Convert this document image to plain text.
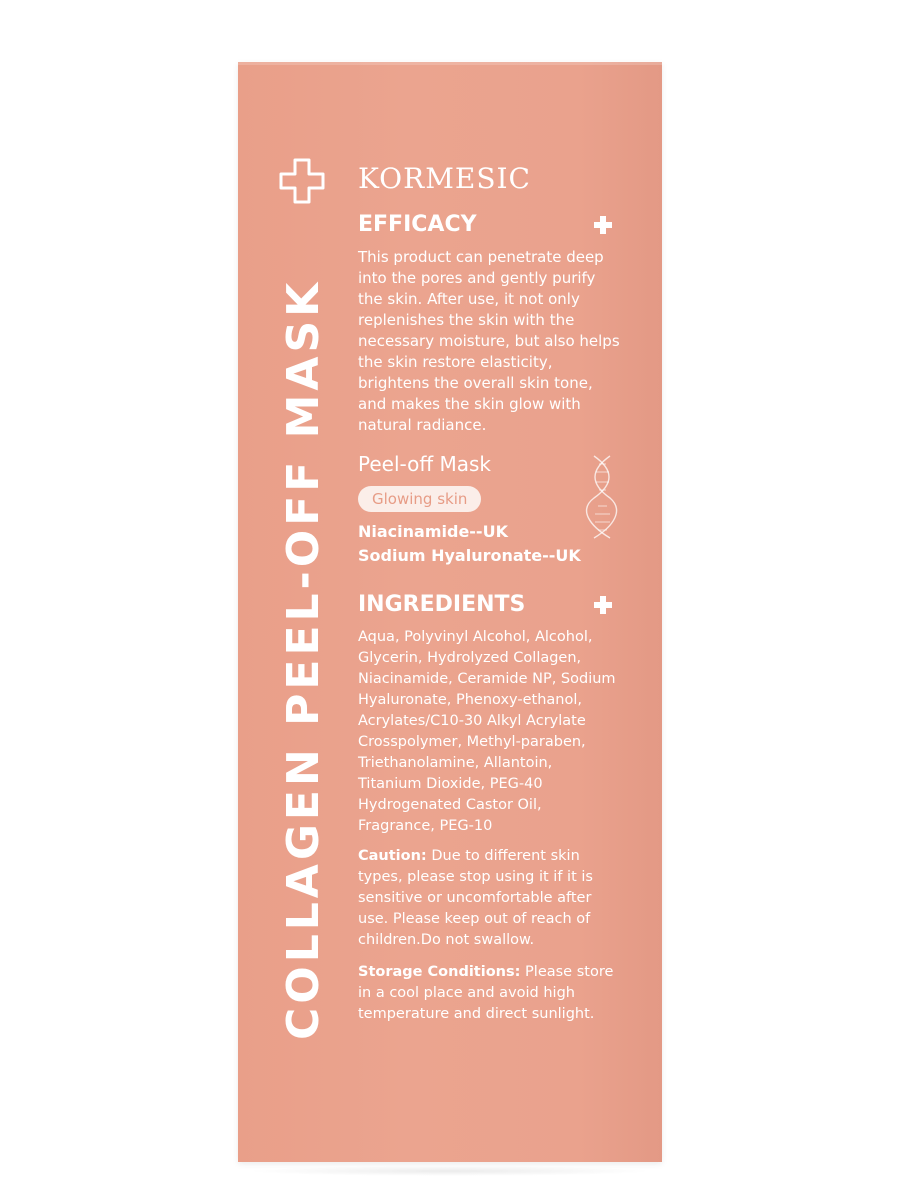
COLLAGEN PEEL-OFF MASK
KORMESIC
EFFICACY

This product can penetrate deep into the pores and gently purify the skin. After use, it not only replenishes the skin with the necessary moisture, but also helps the skin restore elasticity, brightens the overall skin tone, and makes the skin glow with natural radiance.

Peel-off Mask
Glowing skin
Niacinamide--UK
Sodium Hyaluronate--UK
INGREDIENTS

Aqua, Polyvinyl Alcohol, Alcohol, Glycerin, Hydrolyzed Collagen, Niacinamide, Ceramide NP, Sodium Hyaluronate, Phenoxy-ethanol, Acrylates/C10-30 Alkyl Acrylate Crosspolymer, Methyl-paraben, Triethanolamine, Allantoin, Titanium Dioxide, PEG-40 Hydrogenated Castor Oil, Fragrance, PEG-10

Caution: Due to different skin types, please stop using it if it is sensitive or uncomfortable after use. Please keep out of reach of children.Do not swallow.

Storage Conditions: Please store in a cool place and avoid high temperature and direct sunlight.
